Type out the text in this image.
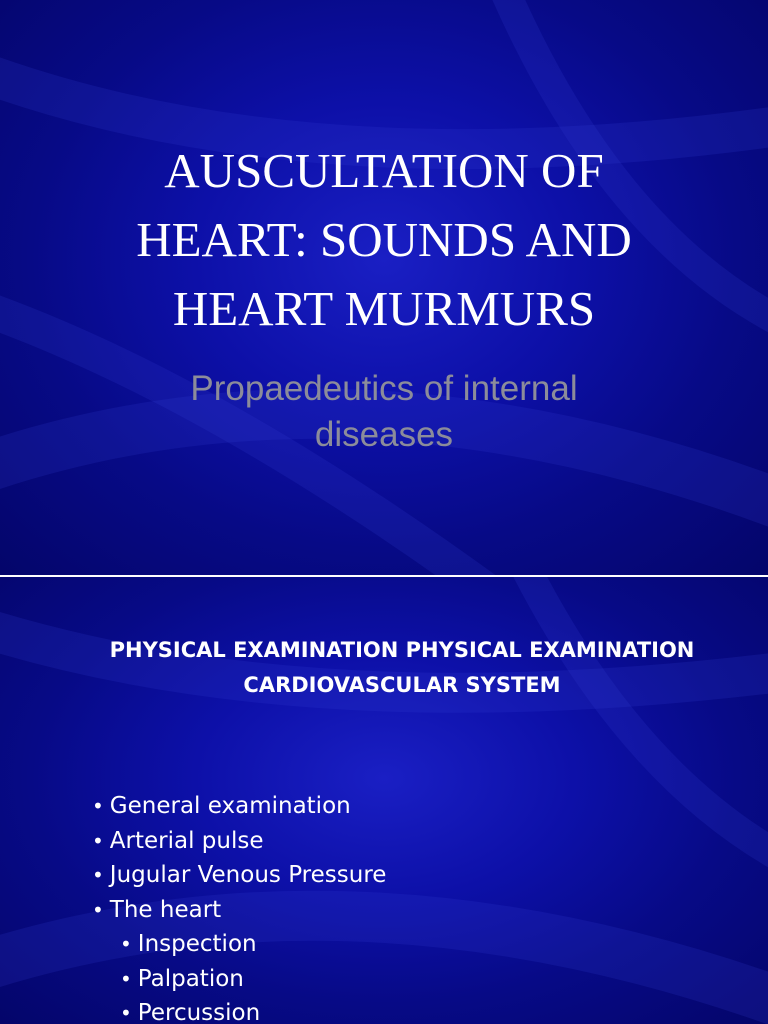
AUSCULTATION OF
HEART: SOUNDS AND
HEART MURMURS

Propaedeutics of internal
diseases

PHYSICAL EXAMINATION PHYSICAL EXAMINATION
CARDIOVASCULAR SYSTEM

• General examination
• Arterial pulse
• Jugular Venous Pressure
• The heart
• Inspection
• Palpation
• Percussion
